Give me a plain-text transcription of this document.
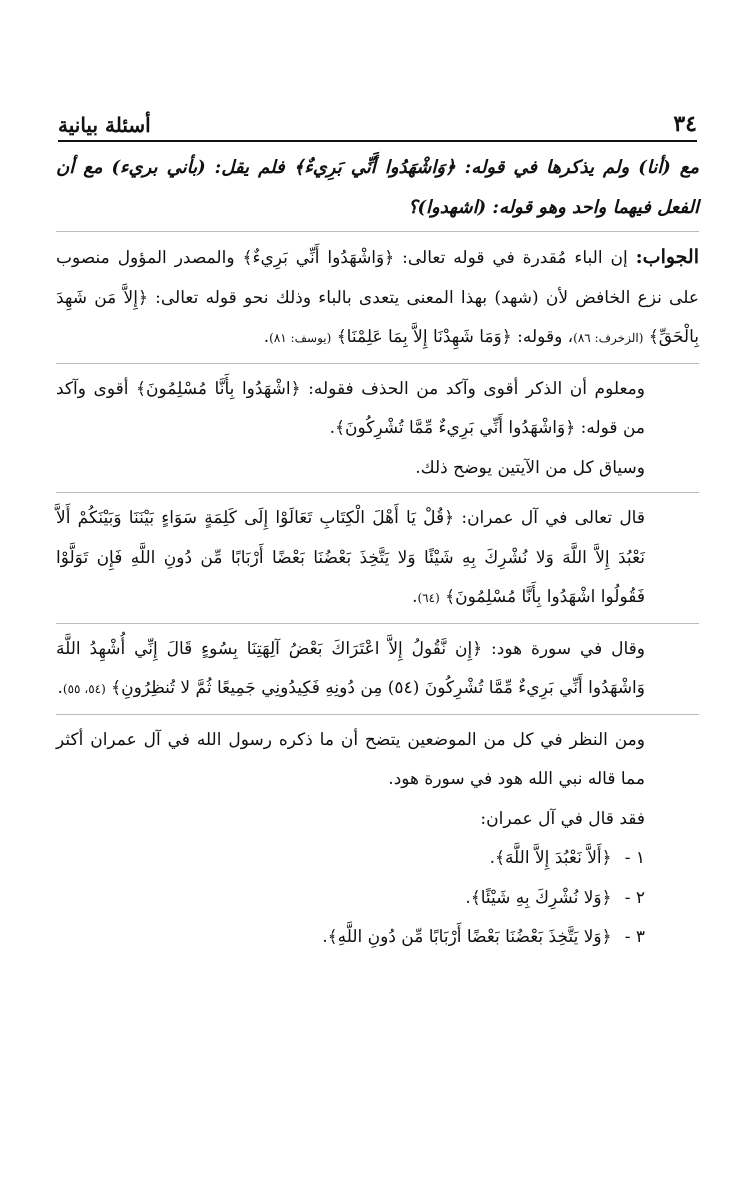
٣٤
أسئلة بيانية

مع (أنا) ولم يذكرها في قوله: ﴿وَاشْهَدُوا أَنِّي بَرِيءٌ﴾ فلم يقل: (بأني بريء) مع أن الفعل فيهما واحد وهو قوله: (اشهدوا)؟

الجواب: إن الباء مُقدرة في قوله تعالى: ﴿وَاشْهَدُوا أَنِّي بَرِيءٌ﴾ والمصدر المؤول منصوب على نزع الخافض لأن (شهد) بهذا المعنى يتعدى بالباء وذلك نحو قوله تعالى: ﴿إِلاَّ مَن شَهِدَ بِالْحَقِّ﴾ (الزخرف: ٨٦)، وقوله: ﴿وَمَا شَهِدْنَا إِلاَّ بِمَا عَلِمْنَا﴾ (يوسف: ٨١).

ومعلوم أن الذكر أقوى وآكد من الحذف فقوله: ﴿اشْهَدُوا بِأَنَّا مُسْلِمُونَ﴾ أقوى وآكد من قوله: ﴿وَاشْهَدُوا أَنِّي بَرِيءٌ مِّمَّا تُشْرِكُونَ﴾.

وسياق كل من الآيتين يوضح ذلك.

قال تعالى في آل عمران: ﴿قُلْ يَا أَهْلَ الْكِتَابِ تَعَالَوْا إِلَى كَلِمَةٍ سَوَاءٍ بَيْنَنَا وَبَيْنَكُمْ أَلاَّ نَعْبُدَ إِلاَّ اللَّهَ وَلا نُشْرِكَ بِهِ شَيْئًا وَلا يَتَّخِذَ بَعْضُنَا بَعْضًا أَرْبَابًا مِّن دُونِ اللَّهِ فَإِن تَوَلَّوْا فَقُولُوا اشْهَدُوا بِأَنَّا مُسْلِمُونَ﴾ (٦٤).

وقال في سورة هود: ﴿إِن نَّقُولُ إِلاَّ اعْتَرَاكَ بَعْضُ آلِهَتِنَا بِسُوءٍ قَالَ إِنِّي أُشْهِدُ اللَّهَ وَاشْهَدُوا أَنِّي بَرِيءٌ مِّمَّا تُشْرِكُونَ (٥٤) مِن دُونِهِ فَكِيدُونِي جَمِيعًا ثُمَّ لا تُنظِرُونِ﴾ (٥٤، ٥٥).

ومن النظر في كل من الموضعين يتضح أن ما ذكره رسول الله في آل عمران أكثر مما قاله نبي الله هود في سورة هود.

فقد قال في آل عمران:

١ - ﴿أَلاَّ نَعْبُدَ إِلاَّ اللَّهَ﴾.
٢ - ﴿وَلا نُشْرِكَ بِهِ شَيْئًا﴾.
٣ - ﴿وَلا يَتَّخِذَ بَعْضُنَا بَعْضًا أَرْبَابًا مِّن دُونِ اللَّهِ﴾.
